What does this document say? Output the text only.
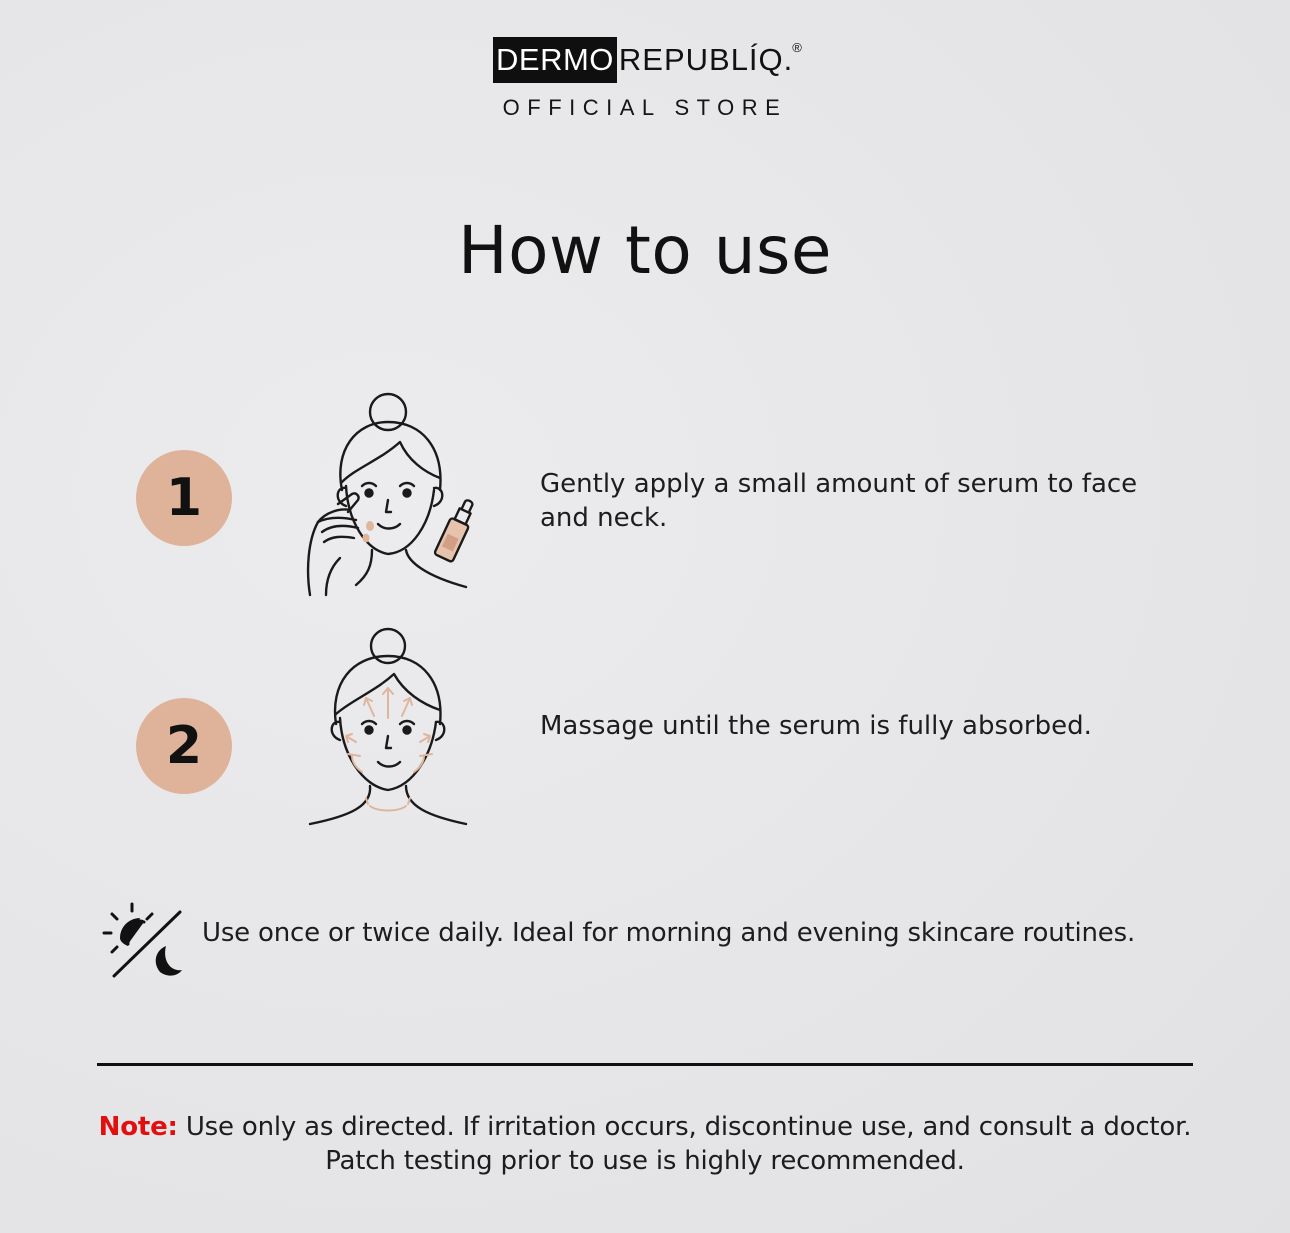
DERMO REPUBLÍQ. ®
OFFICIAL STORE
How to use
1	Gently apply a small amount of serum to face and neck.
2	Massage until the serum is fully absorbed.
Use once or twice daily. Ideal for morning and evening skincare routines.
Note: Use only as directed. If irritation occurs, discontinue use, and consult a doctor.
Patch testing prior to use is highly recommended.
